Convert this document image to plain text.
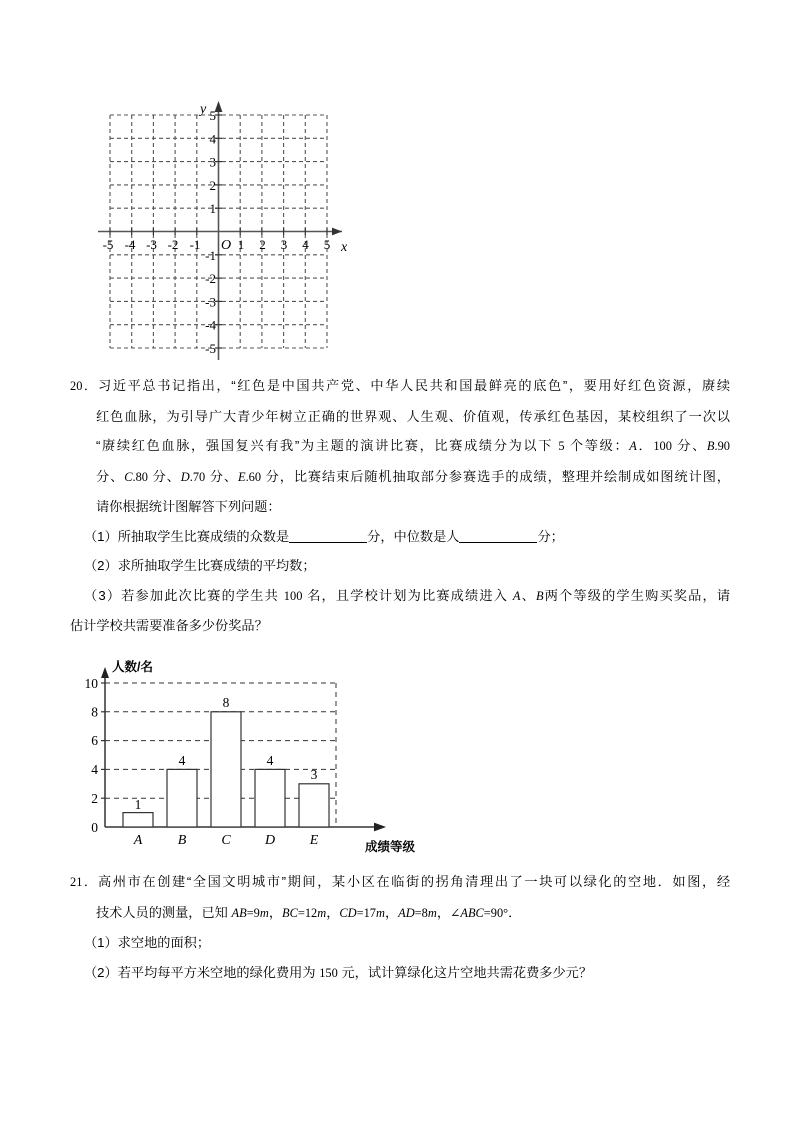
x
y
O
-5 -4 -3 -2 -1	1 2 3 4 5
5
4
3
2
1
-1
-2
-3
-4
-5
20．习近平总书记指出，“红色是中国共产党、中华人民共和国最鲜亮的底色”，要用好红色资源，赓续
红色血脉，为引导广大青少年树立正确的世界观、人生观、价值观，传承红色基因，某校组织了一次以
“赓续红色血脉，强国复兴有我”为主题的演讲比赛，比赛成绩分为以下 5 个等级：A．100 分、B.90
分、C.80 分、D.70 分、E.60 分，比赛结束后随机抽取部分参赛选手的成绩，整理并绘制成如图统计图，
请你根据统计图解答下列问题：
（1）所抽取学生比赛成绩的众数是	分，中位数是人	分；
（2）求所抽取学生比赛成绩的平均数；
（3）若参加此次比赛的学生共 100 名，且学校计划为比赛成绩进入 A、B两个等级的学生购买奖品，请
估计学校共需要准备多少份奖品？
人数/名
成绩等级
0
2
4
6
8
10
1
4
8
4
3
A	B	C D E
21．高州市在创建“全国文明城市”期间，某小区在临街的拐角清理出了一块可以绿化的空地．如图，经
技术人员的测量，已知 AB=9m，BC=12m，CD=17m，AD=8m，∠ABC=90°．
（1）求空地的面积；
（2）若平均每平方米空地的绿化费用为 150 元，试计算绿化这片空地共需花费多少元？
